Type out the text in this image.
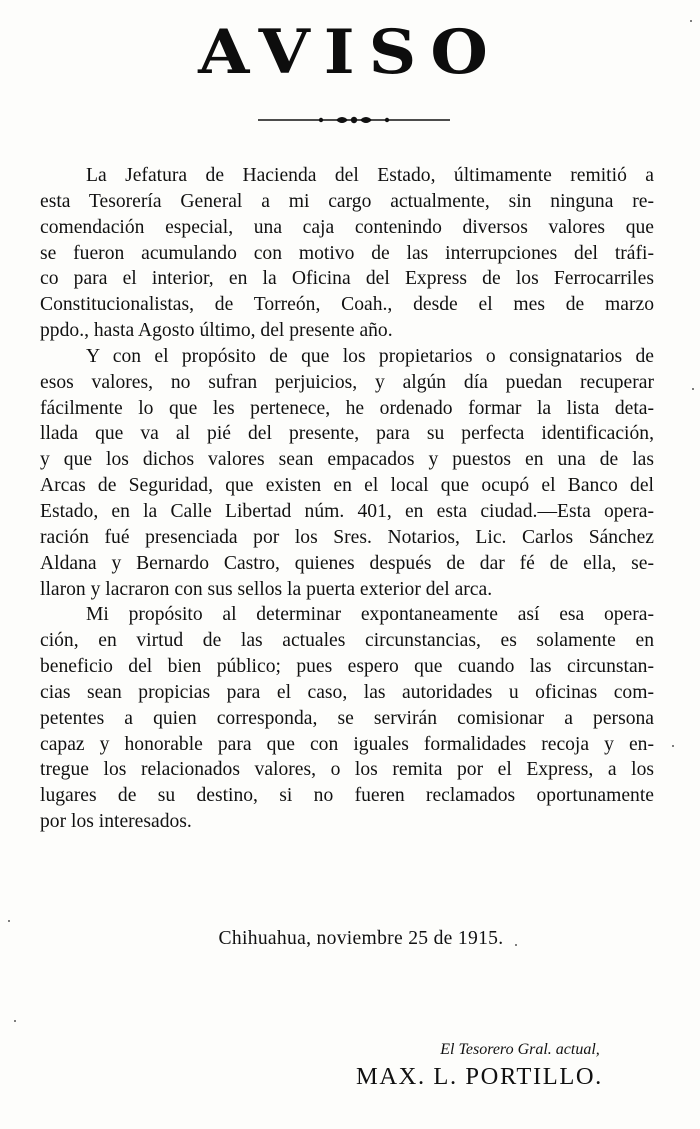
AVISO

La Jefatura de Hacienda del Estado, últimamente remitió a
esta Tesorería General a mi cargo actualmente, sin ninguna re-
comendación especial, una caja contenindo diversos valores que
se fueron acumulando con motivo de las interrupciones del tráfi-
co para el interior, en la Oficina del Express de los Ferrocarriles
Constitucionalistas, de Torreón, Coah., desde el mes de marzo
ppdo., hasta Agosto último, del presente año.

Y con el propósito de que los propietarios o consignatarios de
esos valores, no sufran perjuicios, y algún día puedan recuperar
fácilmente lo que les pertenece, he ordenado formar la lista deta-
llada que va al pié del presente, para su perfecta identificación,
y que los dichos valores sean empacados y puestos en una de las
Arcas de Seguridad, que existen en el local que ocupó el Banco del
Estado, en la Calle Libertad núm. 401, en esta ciudad.—Esta opera-
ración fué presenciada por los Sres. Notarios, Lic. Carlos Sánchez
Aldana y Bernardo Castro, quienes después de dar fé de ella, se-
llaron y lacraron con sus sellos la puerta exterior del arca.

Mi propósito al determinar expontaneamente así esa opera-
ción, en virtud de las actuales circunstancias, es solamente en
beneficio del bien público; pues espero que cuando las circunstan-
cias sean propicias para el caso, las autoridades u oficinas com-
petentes a quien corresponda, se servirán comisionar a persona
capaz y honorable para que con iguales formalidades recoja y en-
tregue los relacionados valores, o los remita por el Express, a los
lugares de su destino, si no fueren reclamados oportunamente
por los interesados.

Chihuahua, noviembre 25 de 1915.
El Tesorero Gral. actual,
MAX. L. PORTILLO.
